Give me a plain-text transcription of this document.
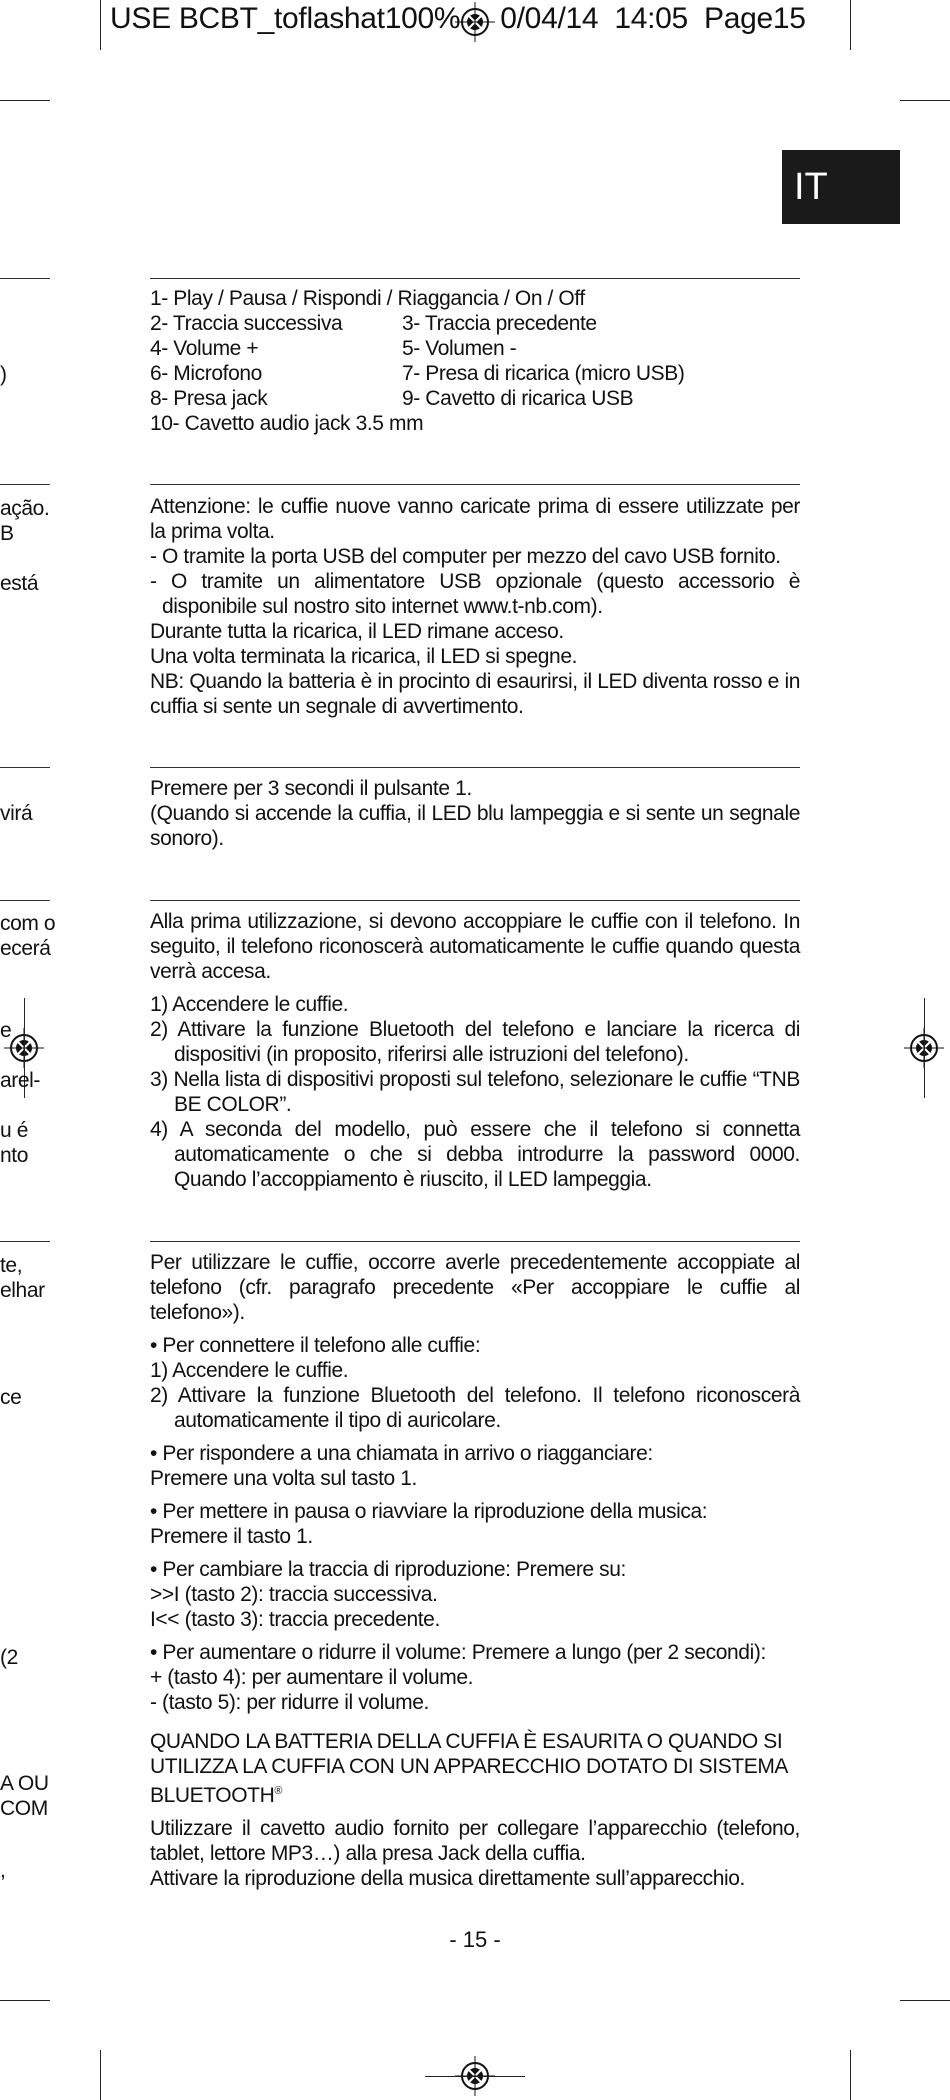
USE BCBT_toflashat100% 0/04/14 14:05 Page15
IT
)
ação.
B
está
virá
com o
ecerá
e
arel-
u é
nto
te,
elhar
ce
(2
A OU
COM
,

1- Play / Pausa / Rispondi / Riaggancia / On / Off

2- Traccia successiva	3- Traccia precedente
4- Volume +	5- Volumen -
6- Microfono	7- Presa di ricarica (micro USB)
8- Presa jack	9- Cavetto di ricarica USB

10- Cavetto audio jack 3.5 mm

Attenzione: le cuffie nuove vanno caricate prima di essere utilizzate per la prima volta.

- O tramite la porta USB del computer per mezzo del cavo USB fornito.

- O tramite un alimentatore USB opzionale (questo accessorio è disponibile sul nostro sito internet www.t-nb.com).

Durante tutta la ricarica, il LED rimane acceso.

Una volta terminata la ricarica, il LED si spegne.

NB: Quando la batteria è in procinto di esaurirsi, il LED diventa rosso e in cuffia si sente un segnale di avvertimento.

Premere per 3 secondi il pulsante 1.

(Quando si accende la cuffia, il LED blu lampeggia e si sente un segnale sonoro).

Alla prima utilizzazione, si devono accoppiare le cuffie con il telefono. In seguito, il telefono riconoscerà automaticamente le cuffie quando questa verrà accesa.

1) Accendere le cuffie.

2) Attivare la funzione Bluetooth del telefono e lanciare la ricerca di dispositivi (in proposito, riferirsi alle istruzioni del telefono).

3) Nella lista di dispositivi proposti sul telefono, selezionare le cuffie “TNB BE COLOR”.

4) A seconda del modello, può essere che il telefono si connetta automaticamente o che si debba introdurre la password 0000. Quando l’accoppiamento è riuscito, il LED lampeggia.

Per utilizzare le cuffie, occorre averle precedentemente accoppiate al telefono (cfr. paragrafo precedente «Per accoppiare le cuffie al telefono»).

• Per connettere il telefono alle cuffie:

1) Accendere le cuffie.

2) Attivare la funzione Bluetooth del telefono. Il telefono riconoscerà automaticamente il tipo di auricolare.

• Per rispondere a una chiamata in arrivo o riagganciare:

Premere una volta sul tasto 1.

• Per mettere in pausa o riavviare la riproduzione della musica:

Premere il tasto 1.

• Per cambiare la traccia di riproduzione: Premere su:

>>I (tasto 2): traccia successiva.

I<< (tasto 3): traccia precedente.

• Per aumentare o ridurre il volume: Premere a lungo (per 2 secondi):

+ (tasto 4): per aumentare il volume.

- (tasto 5): per ridurre il volume.

QUANDO LA BATTERIA DELLA CUFFIA È ESAURITA O QUANDO SI UTILIZZA LA CUFFIA CON UN APPARECCHIO DOTATO DI SISTEMA BLUETOOTH®

Utilizzare il cavetto audio fornito per collegare l’apparecchio (telefono, tablet, lettore MP3…) alla presa Jack della cuffia.

Attivare la riproduzione della musica direttamente sull’apparecchio.

- 15 -
